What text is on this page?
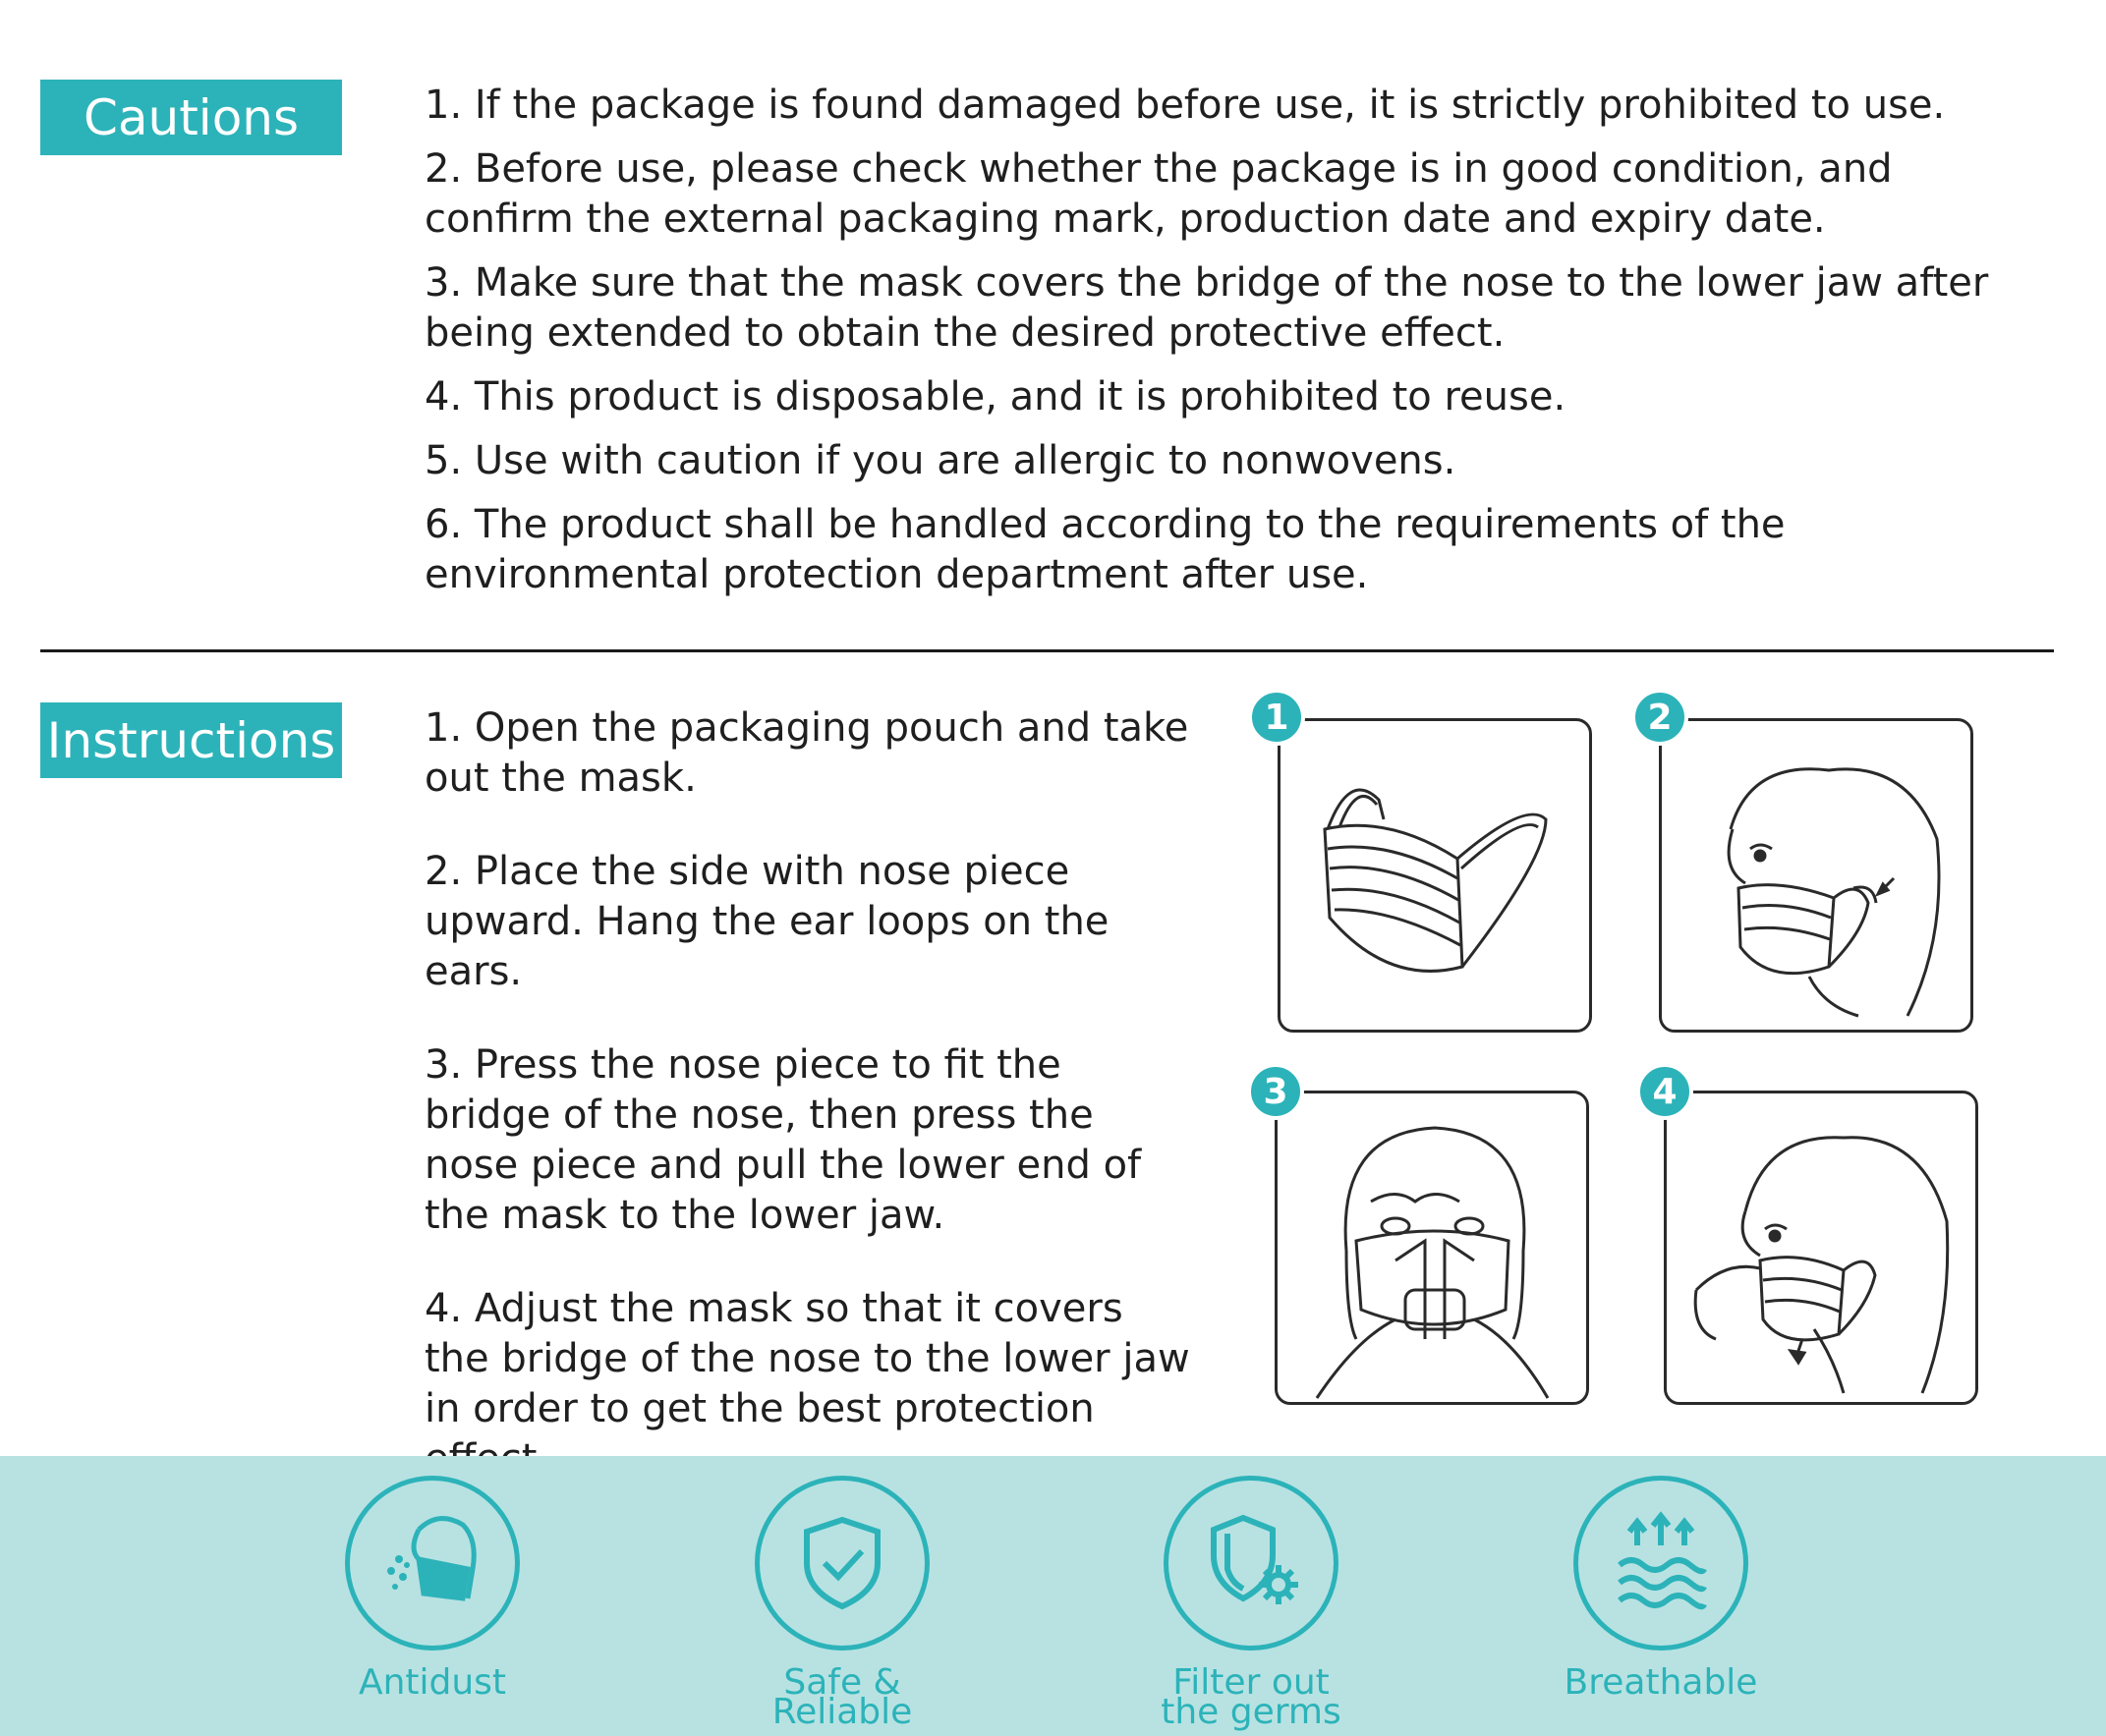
Cautions	1. If the package is found damaged before use, it is strictly prohibited to use.
2. Before use, please check whether the package is in good condition, and confirm the external packaging mark, production date and expiry date.
3. Make sure that the mask covers the bridge of the nose to the lower jaw after being extended to obtain the desired protective effect.
4. This product is disposable, and it is prohibited to reuse.
5. Use with caution if you are allergic to nonwovens.
6. The product shall be handled according to the requirements of the environmental protection department after use.
Instructions 1. Open the packaging pouch and take out the mask.
2. Place the side with nose piece upward. Hang the ear loops on the ears.
3. Press the nose piece to fit the bridge of the nose, then press the nose piece and pull the lower end of the mask to the lower jaw.
4. Adjust the mask so that it covers the bridge of the nose to the lower jaw in order to get the best protection
1	2
3	4
Antidust	Safe & Reliable
Filter out the germs
Breathable
